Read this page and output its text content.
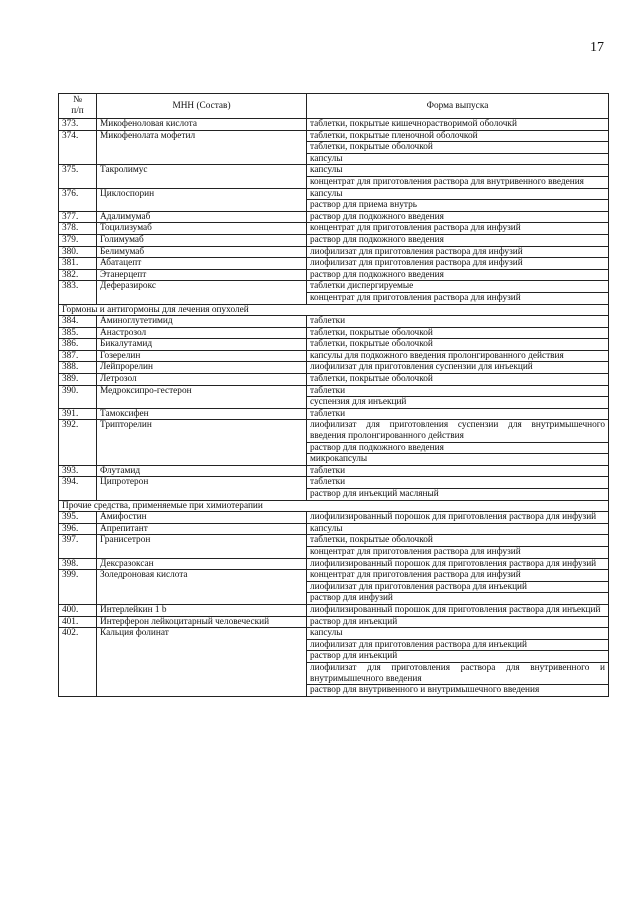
17
№
п/п	МНН (Состав)	Форма выпуска
373.	Микофеноловая кислота	таблетки, покрытые кишечнорастворимой оболочкй
374.	Микофенолата мофетил	таблетки, покрытые пленочной оболочкой
		таблетки, покрытые оболочкой
		капсулы
375.	Такролимус	капсулы
		концентрат для приготовления раствора для внутривенного введения
376.	Циклоспорин	капсулы
		раствор для приема внутрь
377.	Адалимумаб	раствор для подкожного введения
378.	Тоцилизумаб	концентрат для приготовления раствора для инфузий
379.	Голимумаб	раствор для подкожного введения
380.	Белимумаб	лиофилизат для приготовления раствора для инфузий
381.	Абатацепт	лиофилизат для приготовления раствора для инфузий
382.	Этанерцепт	раствор для подкожного введения
383.	Деферазирокс	таблетки диспергируемые
		концентрат для приготовления раствора для инфузий
Гормоны и антигормоны для лечения опухолей		
384.	Аминоглутетимид	таблетки
385.	Анастрозол	таблетки, покрытые оболочкой
386.	Бикалутамид	таблетки, покрытые оболочкой
387.	Гозерелин	капсулы для подкожного введения пролонгированного действия
388.	Лейпрорелин	лиофилизат для приготовления суспензии для инъекций
389.	Летрозол	таблетки, покрытые оболочкой
390.	Медроксипро-гестерон	таблетки
		суспензия для инъекций
391.	Тамоксифен	таблетки
392.	Трипторелин	лиофилизат для приготовления суспензии для внутримышечного введения пролонгированного действия
		раствор для подкожного введения
		микрокапсулы
393.	Флутамид	таблетки
394.	Ципротерон	таблетки
		раствор для инъекций масляный
Прочие средства, применяемые при химиотерапии		
395.	Амифостин	лиофилизированный порошок для приготовления раствора для инфузий
396.	Апрепитант	капсулы
397.	Гранисетрон	таблетки, покрытые оболочкой
		концентрат для приготовления раствора для инфузий
398.	Дексразоксан	лиофилизированный порошок для приготовления раствора для инфузий
399.	Золедроновая кислота	концентрат для приготовления раствора для инфузий
		лиофилизат для приготовления раствора для инъекций
		раствор для инфузий
400.	Интерлейкин 1 b	лиофилизированный порошок для приготовления раствора для инъекций
401.	Интерферон лейкоцитарный человеческий	раствор для инъекций
402.	Кальция фолинат	капсулы
		лиофилизат для приготовления раствора для инъекций
		раствор для инъекций
		лиофилизат для приготовления раствора для внутривенного и внутримышечного введения
		раствор для внутривенного и внутримышечного введения
